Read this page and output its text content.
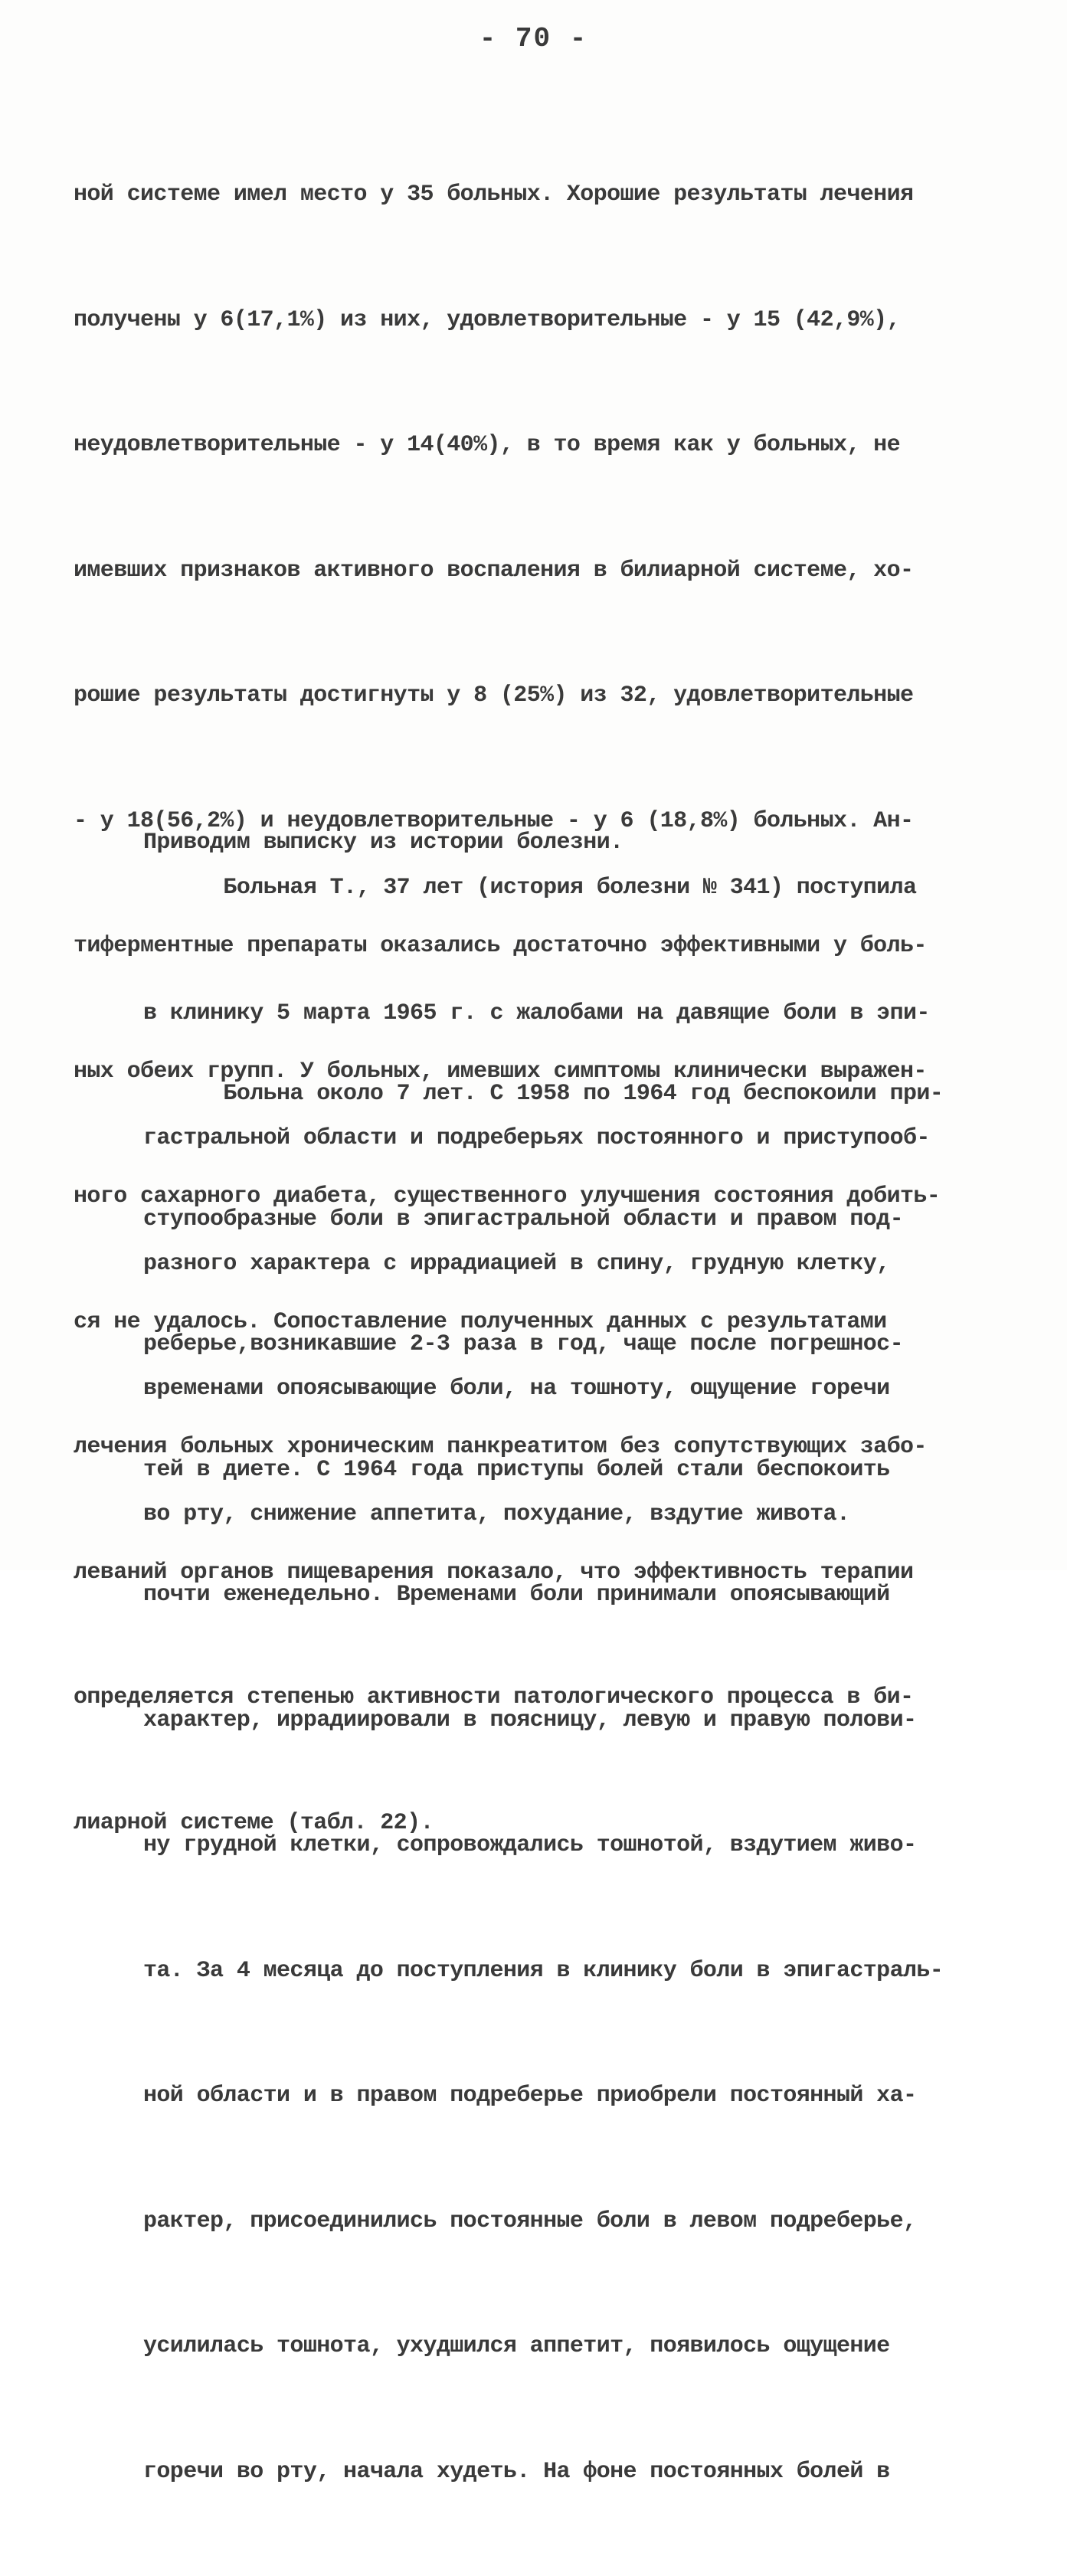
- 70 -

ной системе имел место у 35 больных. Хорошие результаты лечения

получены у 6(17,1%) из них, удовлетворительные - у 15 (42,9%),

неудовлетворительные - у 14(40%), в то время как у больных, не

имевших признаков активного воспаления в билиарной системе, хо-

рошие результаты достигнуты у 8 (25%) из 32, удовлетворительные

- у 18(56,2%) и неудовлетворительные - у 6 (18,8%) больных. Ан-

тиферментные препараты оказались достаточно эффективными у боль-

ных обеих групп. У больных, имевших симптомы клинически выражен-

ного сахарного диабета, существенного улучшения состояния добить-

ся не удалось. Сопоставление полученных данных с результатами

лечения больных хроническим панкреатитом без сопутствующих забо-

леваний органов пищеварения показало, что эффективность терапии

определяется степенью активности патологического процесса в би-

лиарной системе (табл. 22).

Приводим выписку из истории болезни.

Больная Т., 37 лет (история болезни № 341) поступила

в клинику 5 марта 1965 г. с жалобами на давящие боли в эпи-

гастральной области и подреберьях постоянного и приступооб-

разного характера с иррадиацией в спину, грудную клетку,

временами опоясывающие боли, на тошноту, ощущение горечи

во рту, снижение аппетита, похудание, вздутие живота.

Больна около 7 лет. С 1958 по 1964 год беспокоили при-

ступообразные боли в эпигастральной области и правом под-

реберье,возникавшие 2-3 раза в год, чаще после погрешнос-

тей в диете. С 1964 года приступы болей стали беспокоить

почти еженедельно. Временами боли принимали опоясывающий

характер, иррадиировали в поясницу, левую и правую полови-

ну грудной клетки, сопровождались тошнотой, вздутием живо-

та. За 4 месяца до поступления в клинику боли в эпигастраль-

ной области и в правом подреберье приобрели постоянный ха-

рактер, присоединились постоянные боли в левом подреберье,

усилилась тошнота, ухудшился аппетит, появилось ощущение

горечи во рту, начала худеть. На фоне постоянных болей в
